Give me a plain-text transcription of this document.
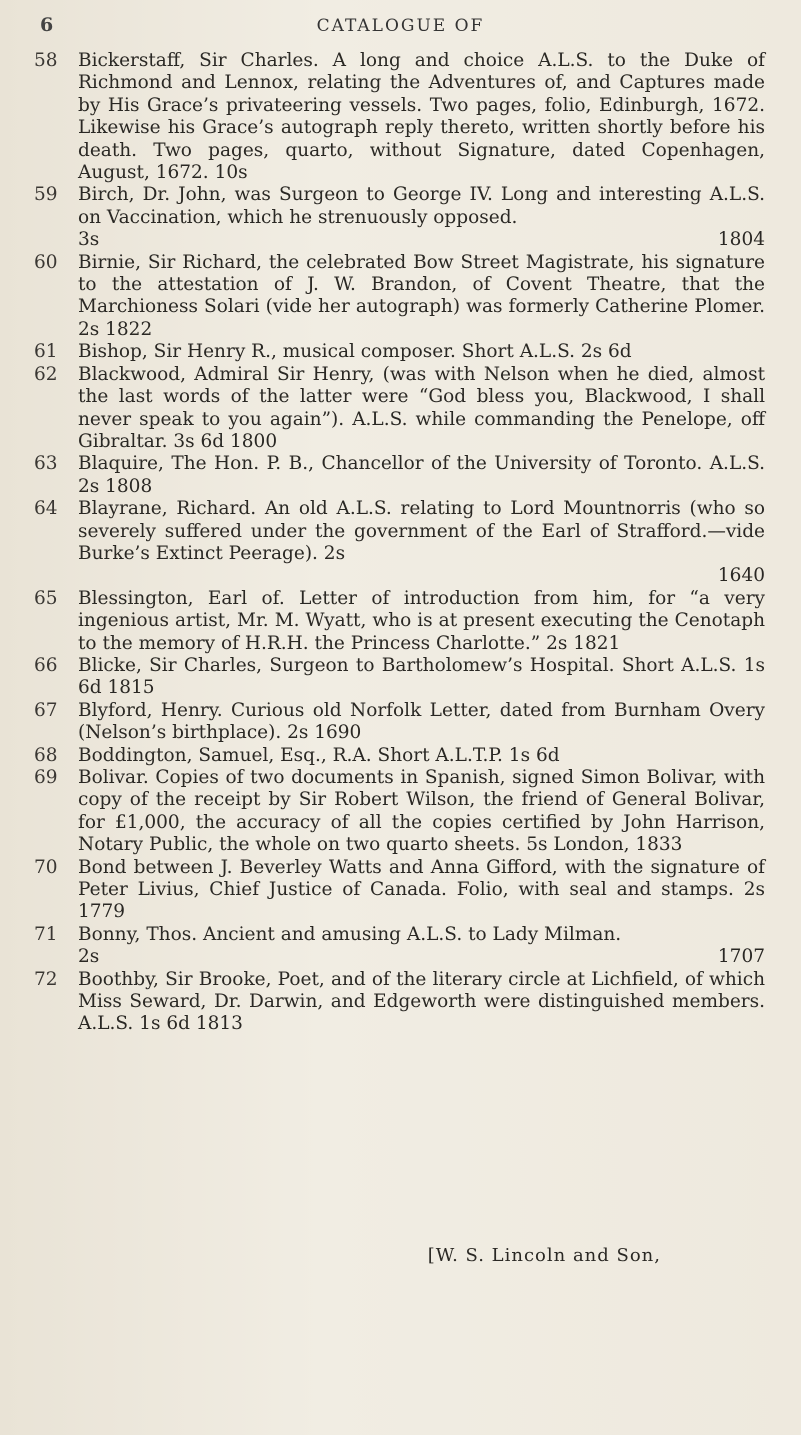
6	CATALOGUE OF
58	Bickerstaff, Sir Charles. A long and choice A.L.S. to the Duke of Richmond and Lennox, relating the Adventures of, and Captures made by His Grace’s privateering vessels. Two pages, folio, Edinburgh, 1672. Likewise his Grace’s autograph reply thereto, written shortly before his death. Two pages, quarto, without Signature, dated Copenhagen, August, 1672. 10s
59	Birch, Dr. John, was Surgeon to George IV. Long and interesting A.L.S. on Vaccination, which he strenuously opposed.
3s	1804
60	Birnie, Sir Richard, the celebrated Bow Street Magistrate, his signature to the attestation of J. W. Brandon, of Covent Theatre, that the Marchioness Solari (vide her autograph) was formerly Catherine Plomer. 2s 1822
61	Bishop, Sir Henry R., musical composer. Short A.L.S. 2s 6d
62	Blackwood, Admiral Sir Henry, (was with Nelson when he died, almost the last words of the latter were “God bless you, Blackwood, I shall never speak to you again”). A.L.S. while commanding the Penelope, off Gibraltar. 3s 6d 1800
63	Blaquire, The Hon. P. B., Chancellor of the University of Toronto. A.L.S. 2s 1808
64	Blayrane, Richard. An old A.L.S. relating to Lord Mountnorris (who so severely suffered under the government of the Earl of Strafford.—vide Burke’s Extinct Peerage). 2s
1640
65	Blessington, Earl of. Letter of introduction from him, for “a very ingenious artist, Mr. M. Wyatt, who is at present executing the Cenotaph to the memory of H.R.H. the Princess Charlotte.” 2s 1821
66	Blicke, Sir Charles, Surgeon to Bartholomew’s Hospital. Short A.L.S. 1s 6d 1815
67	Blyford, Henry. Curious old Norfolk Letter, dated from Burnham Overy (Nelson’s birthplace). 2s 1690
68	Boddington, Samuel, Esq., R.A. Short A.L.T.P. 1s 6d
69	Bolivar. Copies of two documents in Spanish, signed Simon Bolivar, with copy of the receipt by Sir Robert Wilson, the friend of General Bolivar, for £1,000, the accuracy of all the copies certified by John Harrison, Notary Public, the whole on two quarto sheets. 5s London, 1833
70	Bond between J. Beverley Watts and Anna Gifford, with the signature of Peter Livius, Chief Justice of Canada. Folio, with seal and stamps. 2s 1779
71	Bonny, Thos. Ancient and amusing A.L.S. to Lady Milman.
2s	1707
72	Boothby, Sir Brooke, Poet, and of the literary circle at Lichfield, of which Miss Seward, Dr. Darwin, and Edgeworth were distinguished members. A.L.S. 1s 6d 1813
[W. S. Lincoln and Son,
